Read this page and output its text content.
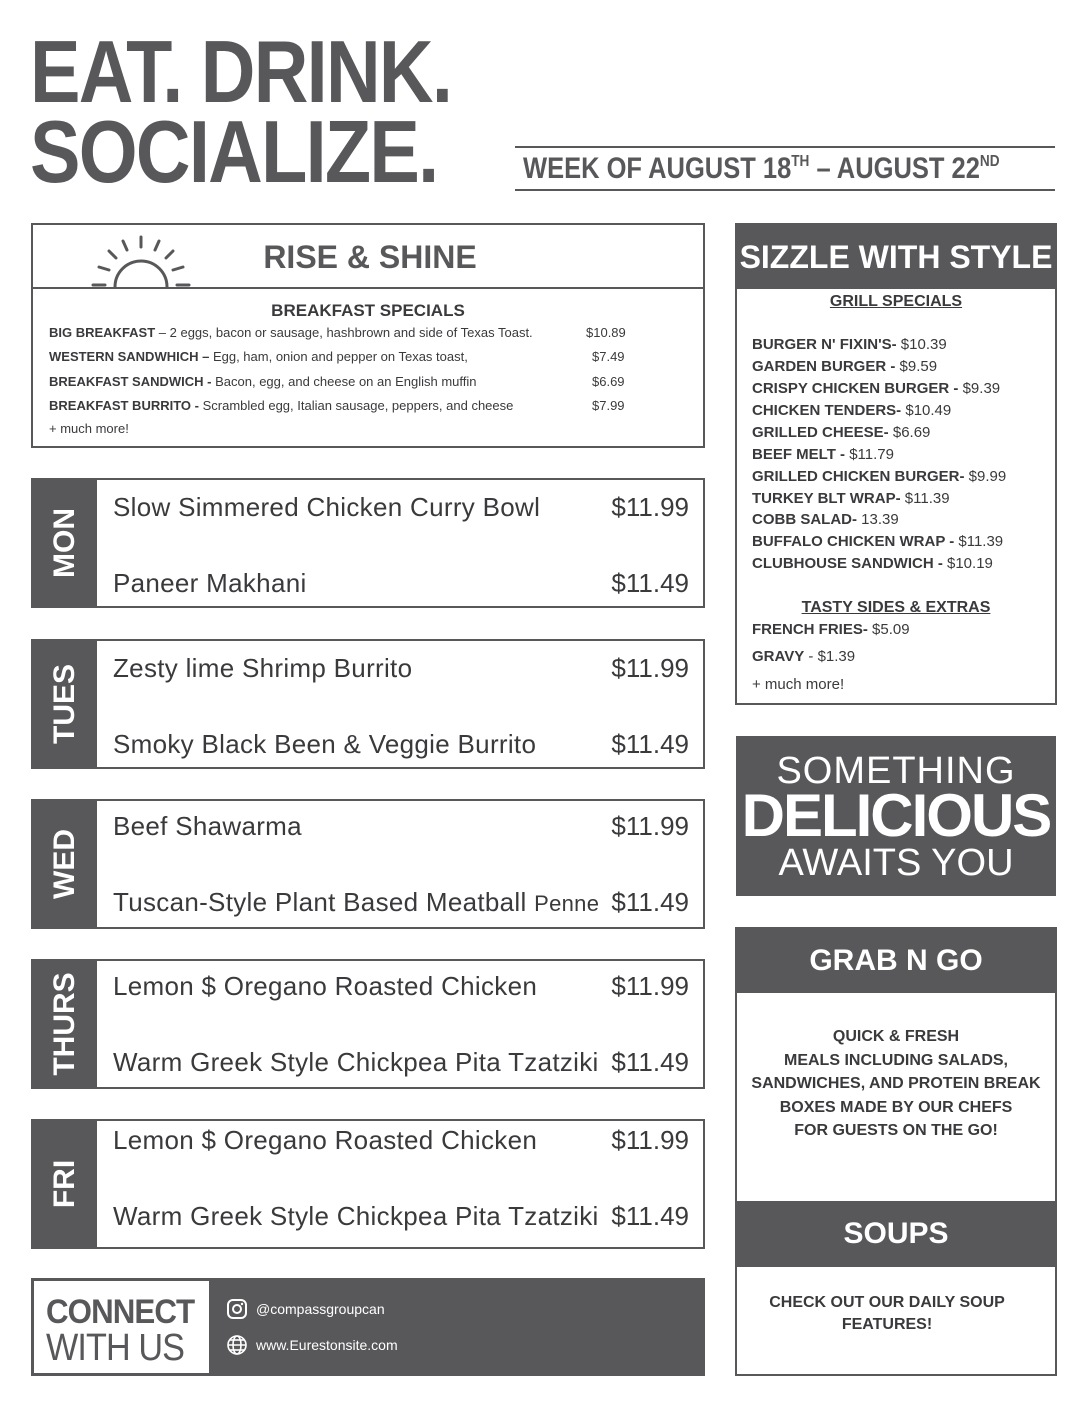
EAT. DRINK.
SOCIALIZE.	WEEK OF AUGUST 18TH – AUGUST 22ND
RISE & SHINE
BREAKFAST SPECIALS
BIG BREAKFAST – 2 eggs, bacon or sausage, hashbrown and side of Texas Toast.	$10.89
WESTERN SANDWHICH – Egg, ham, onion and pepper on Texas toast,	$7.49
BREAKFAST SANDWICH - Bacon, egg, and cheese on an English muffin	$6.69
BREAKFAST BURRITO - Scrambled egg, Italian sausage, peppers, and cheese	$7.99
+ much more!
MON
Slow Simmered Chicken Curry Bowl	$11.99
Paneer Makhani	$11.49
TUES Zesty lime Shrimp Burrito	$11.99
Smoky Black Been & Veggie Burrito	$11.49
WED
Beef Shawarma	$11.99
Tuscan-Style Plant Based Meatball Penne $11.49
THURS Lemon $ Oregano Roasted Chicken	$11.99
Warm Greek Style Chickpea Pita Tzatziki $11.49
FRI
Lemon $ Oregano Roasted Chicken	$11.99
Warm Greek Style Chickpea Pita Tzatziki $11.49
CONNECT
WITH US
@compassgroupcan
www.Eurestonsite.com
SIZZLE WITH STYLE
GRILL SPECIALS
BURGER N' FIXIN'S- $10.39
GARDEN BURGER - $9.59
CRISPY CHICKEN BURGER - $9.39
CHICKEN TENDERS- $10.49
GRILLED CHEESE- $6.69
BEEF MELT - $11.79
GRILLED CHICKEN BURGER- $9.99
TURKEY BLT WRAP- $11.39
COBB SALAD- 13.39
BUFFALO CHICKEN WRAP - $11.39
CLUBHOUSE SANDWICH - $10.19
TASTY SIDES & EXTRAS
FRENCH FRIES- $5.09
GRAVY - $1.39
+ much more!
SOMETHING
DELICIOUS
AWAITS YOU
GRAB N GO
QUICK & FRESH
MEALS INCLUDING SALADS,
SANDWICHES, AND PROTEIN BREAK
BOXES MADE BY OUR CHEFS
FOR GUESTS ON THE GO!
SOUPS
CHECK OUT OUR DAILY SOUP
FEATURES!
